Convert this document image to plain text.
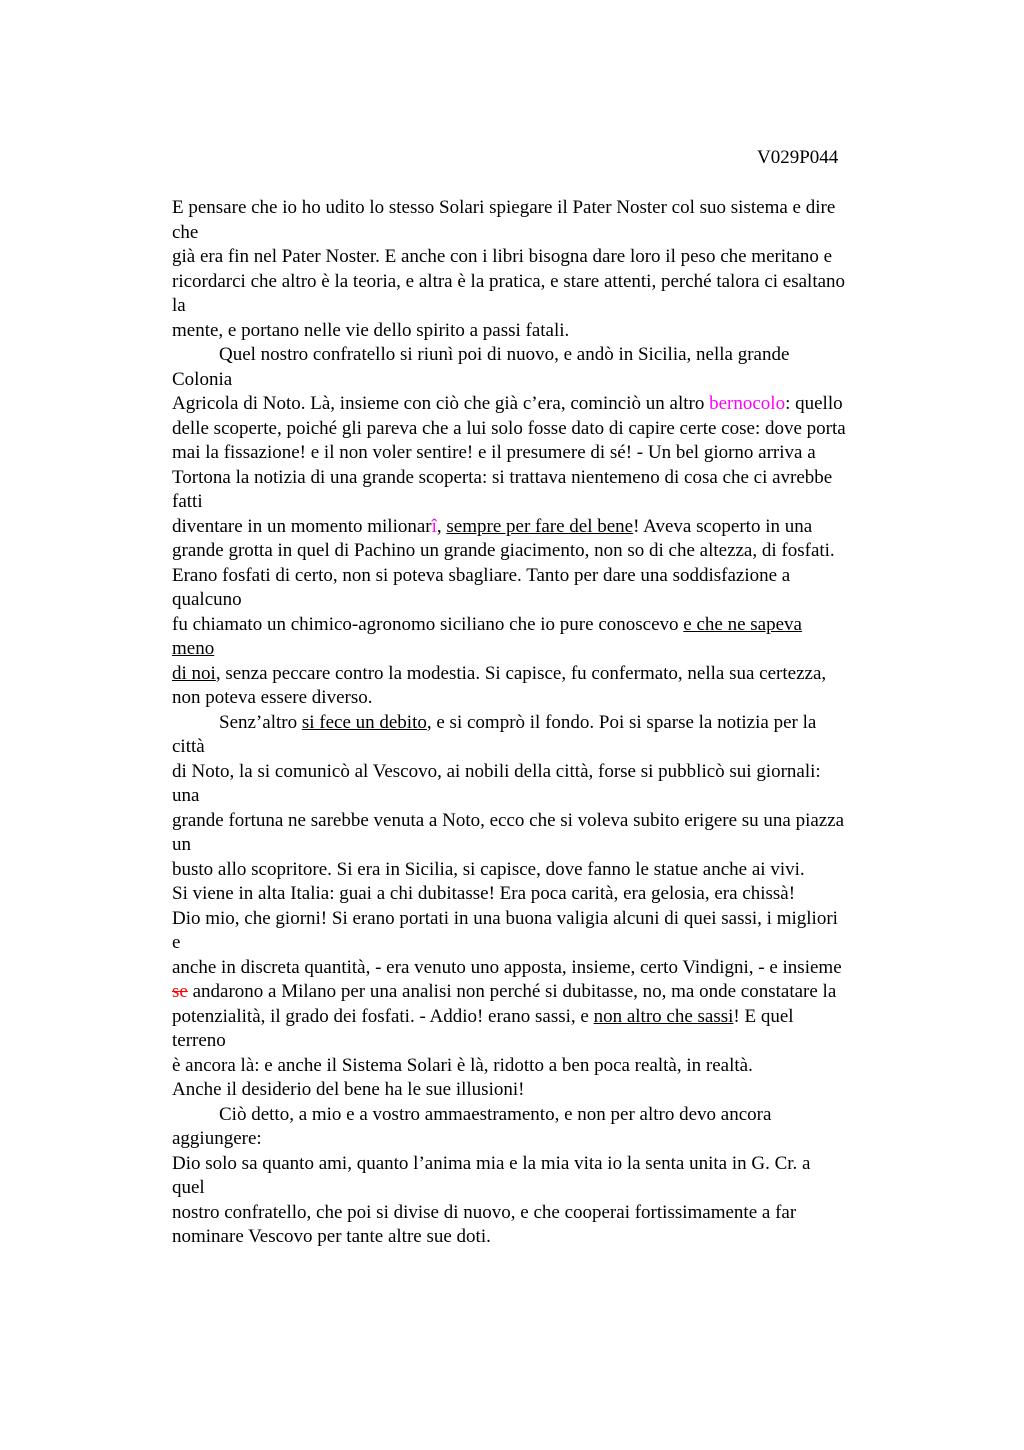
V029P044
E pensare che io ho udito lo stesso Solari spiegare il Pater Noster col suo sistema e dire
che
già era fin nel Pater Noster. E anche con i libri bisogna dare loro il peso che meritano e
ricordarci che altro è la teoria, e altra è la pratica, e stare attenti, perché talora ci esaltano
la
mente, e portano nelle vie dello spirito a passi fatali.
Quel nostro confratello si riunì poi di nuovo, e andò in Sicilia, nella grande
Colonia
Agricola di Noto. Là, insieme con ciò che già c’era, cominciò un altro bernocolo: quello
delle scoperte, poiché gli pareva che a lui solo fosse dato di capire certe cose: dove porta
mai la fissazione! e il non voler sentire! e il presumere di sé! - Un bel giorno arriva a
Tortona la notizia di una grande scoperta: si trattava nientemeno di cosa che ci avrebbe
fatti
diventare in un momento milionarî, sempre per fare del bene! Aveva scoperto in una
grande grotta in quel di Pachino un grande giacimento, non so di che altezza, di fosfati.
Erano fosfati di certo, non si poteva sbagliare. Tanto per dare una soddisfazione a
qualcuno
fu chiamato un chimico-agronomo siciliano che io pure conoscevo e che ne sapeva
meno
di noi, senza peccare contro la modestia. Si capisce, fu confermato, nella sua certezza,
non poteva essere diverso.
Senz’altro si fece un debito, e si comprò il fondo. Poi si sparse la notizia per la
città
di Noto, la si comunicò al Vescovo, ai nobili della città, forse si pubblicò sui giornali:
una
grande fortuna ne sarebbe venuta a Noto, ecco che si voleva subito erigere su una piazza
un
busto allo scopritore. Si era in Sicilia, si capisce, dove fanno le statue anche ai vivi.
Si viene in alta Italia: guai a chi dubitasse! Era poca carità, era gelosia, era chissà!
Dio mio, che giorni! Si erano portati in una buona valigia alcuni di quei sassi, i migliori
e
anche in discreta quantità, - era venuto uno apposta, insieme, certo Vindigni, - e insieme
se andarono a Milano per una analisi non perché si dubitasse, no, ma onde constatare la
potenzialità, il grado dei fosfati. - Addio! erano sassi, e non altro che sassi! E quel
terreno
è ancora là: e anche il Sistema Solari è là, ridotto a ben poca realtà, in realtà.
Anche il desiderio del bene ha le sue illusioni!
Ciò detto, a mio e a vostro ammaestramento, e non per altro devo ancora
aggiungere:
Dio solo sa quanto ami, quanto l’anima mia e la mia vita io la senta unita in G. Cr. a
quel
nostro confratello, che poi si divise di nuovo, e che cooperai fortissimamente a far
nominare Vescovo per tante altre sue doti.
